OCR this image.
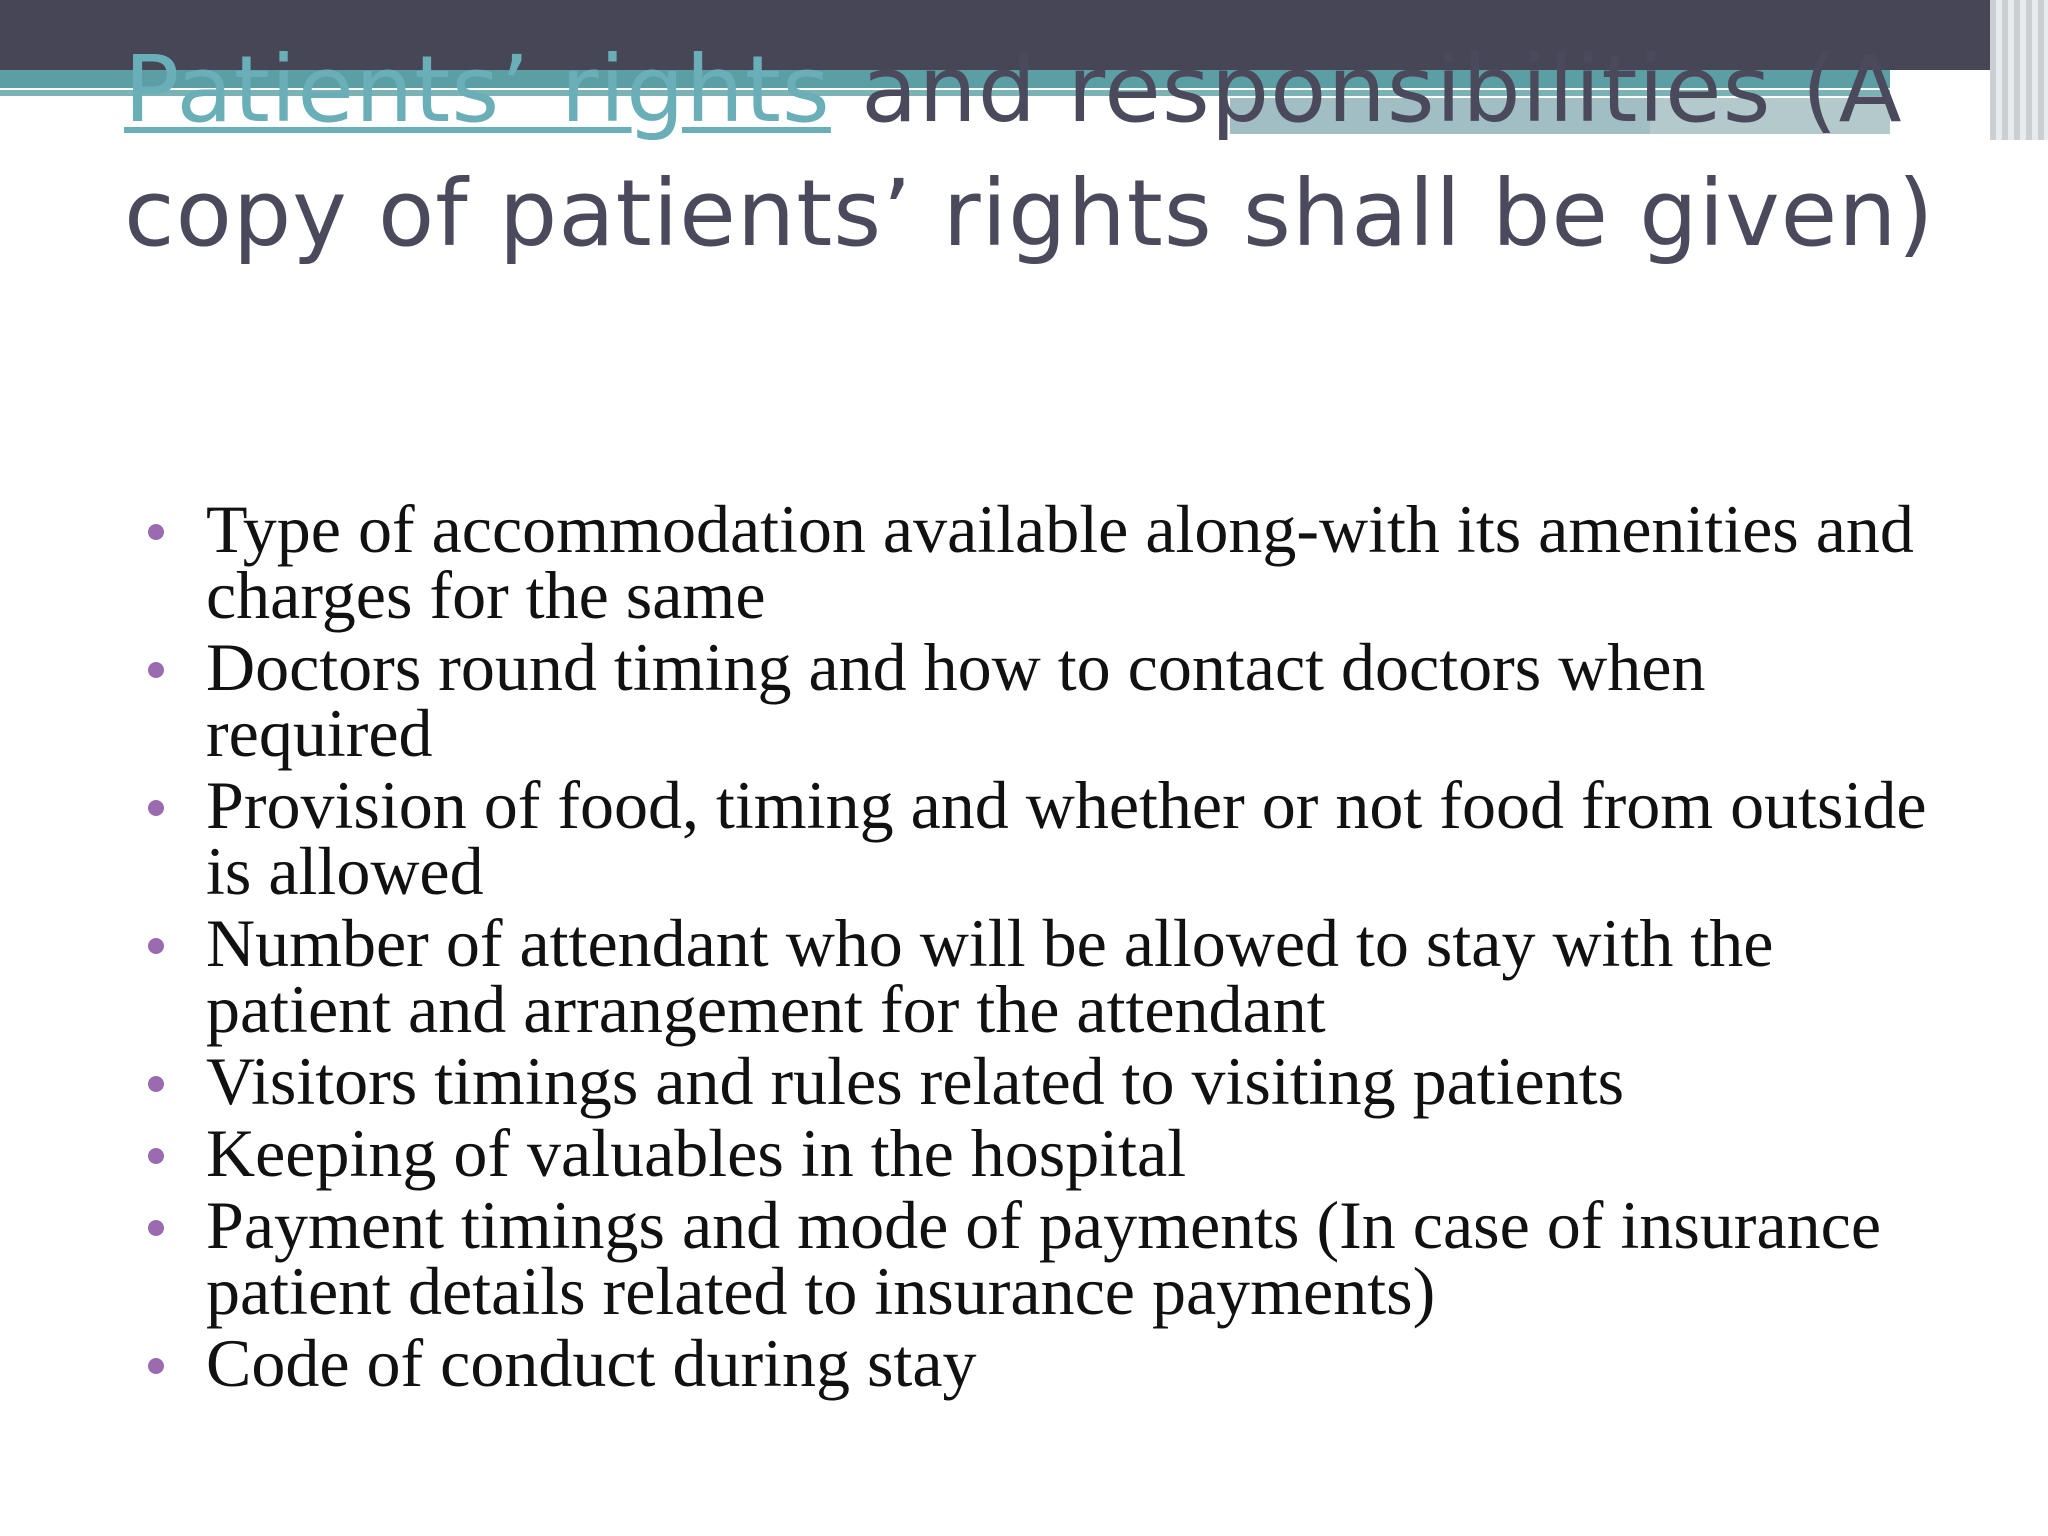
Patients’ rights and responsibilities (A copy of patients’ rights shall be given)
Type of accommodation available along-with its amenities and charges for the same
Doctors round timing and how to contact doctors when required
Provision of food, timing and whether or not food from outside is allowed
Number of attendant who will be allowed to stay with the patient and arrangement for the attendant
Visitors timings and rules related to visiting patients
Keeping of valuables in the hospital
Payment timings and mode of payments (In case of insurance patient details related to insurance payments)
Code of conduct during stay
